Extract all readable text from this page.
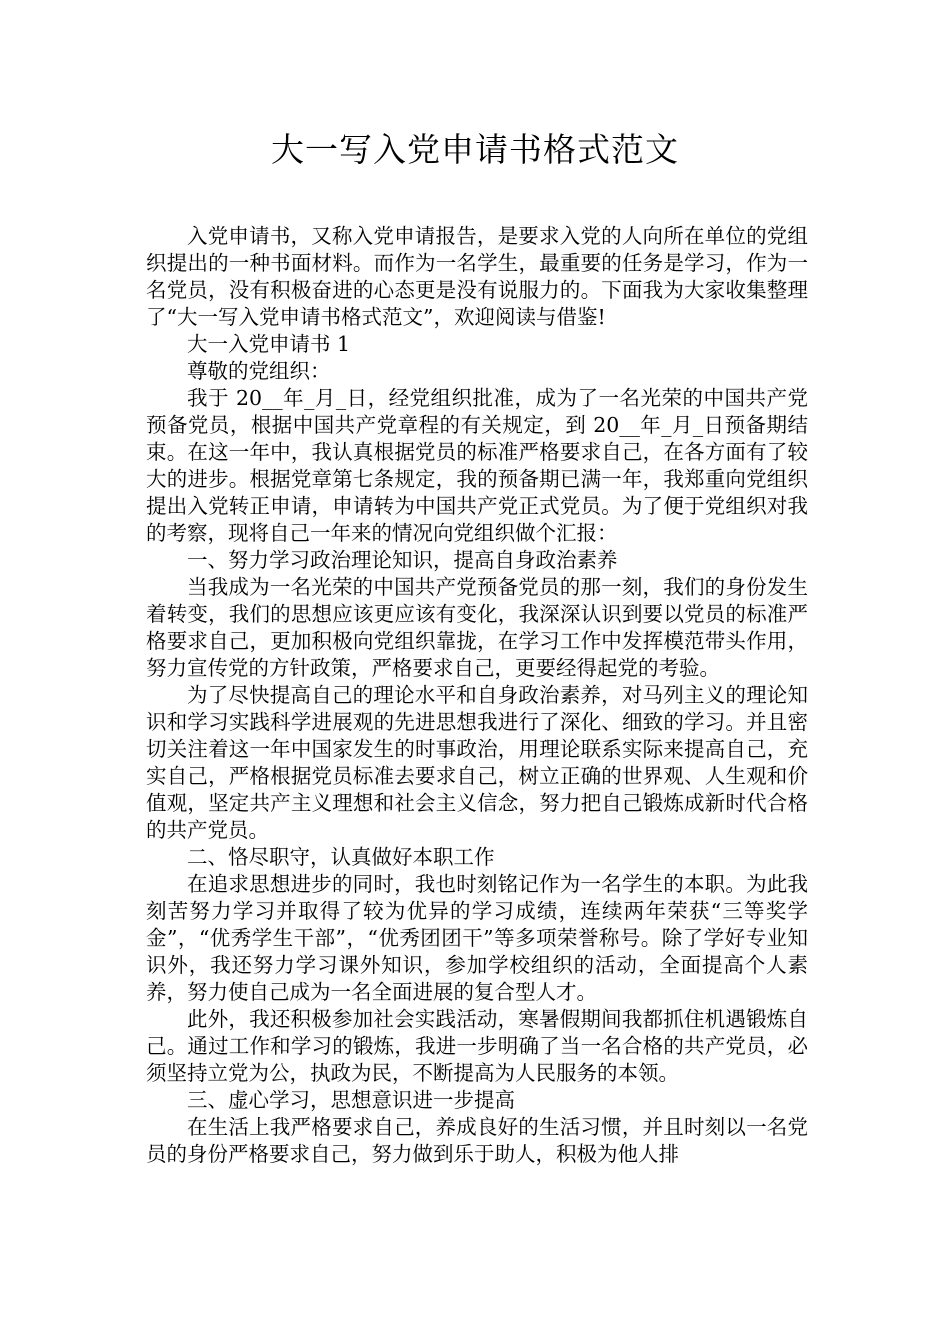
大一写入党申请书格式范文

入党申请书，又称入党申请报告，是要求入党的人向所在单位的党组织提出的一种书面材料。而作为一名学生，最重要的任务是学习，作为一名党员，没有积极奋进的心态更是没有说服力的。下面我为大家收集整理了“大一写入党申请书格式范文”，欢迎阅读与借鉴!

大一入党申请书 1

尊敬的党组织：

我于 20__年_月_日，经党组织批准，成为了一名光荣的中国共产党预备党员，根据中国共产党章程的有关规定，到 20__年_月_日预备期结束。在这一年中，我认真根据党员的标准严格要求自己，在各方面有了较大的进步。根据党章第七条规定，我的预备期已满一年，我郑重向党组织提出入党转正申请，申请转为中国共产党正式党员。为了便于党组织对我的考察，现将自己一年来的情况向党组织做个汇报：

一、努力学习政治理论知识，提高自身政治素养

当我成为一名光荣的中国共产党预备党员的那一刻，我们的身份发生着转变，我们的思想应该更应该有变化，我深深认识到要以党员的标准严格要求自己，更加积极向党组织靠拢，在学习工作中发挥模范带头作用，努力宣传党的方针政策，严格要求自己，更要经得起党的考验。

为了尽快提高自己的理论水平和自身政治素养，对马列主义的理论知识和学习实践科学进展观的先进思想我进行了深化、细致的学习。并且密切关注着这一年中国家发生的时事政治，用理论联系实际来提高自己，充实自己，严格根据党员标准去要求自己，树立正确的世界观、人生观和价值观，坚定共产主义理想和社会主义信念，努力把自己锻炼成新时代合格的共产党员。

二、恪尽职守，认真做好本职工作

在追求思想进步的同时，我也时刻铭记作为一名学生的本职。为此我刻苦努力学习并取得了较为优异的学习成绩，连续两年荣获“三等奖学金”，“优秀学生干部”，“优秀团团干”等多项荣誉称号。除了学好专业知识外，我还努力学习课外知识，参加学校组织的活动，全面提高个人素养，努力使自己成为一名全面进展的复合型人才。

此外，我还积极参加社会实践活动，寒暑假期间我都抓住机遇锻炼自己。通过工作和学习的锻炼，我进一步明确了当一名合格的共产党员，必须坚持立党为公，执政为民，不断提高为人民服务的本领。

三、虚心学习，思想意识进一步提高

在生活上我严格要求自己，养成良好的生活习惯，并且时刻以一名党员的身份严格要求自己，努力做到乐于助人，积极为他人排
